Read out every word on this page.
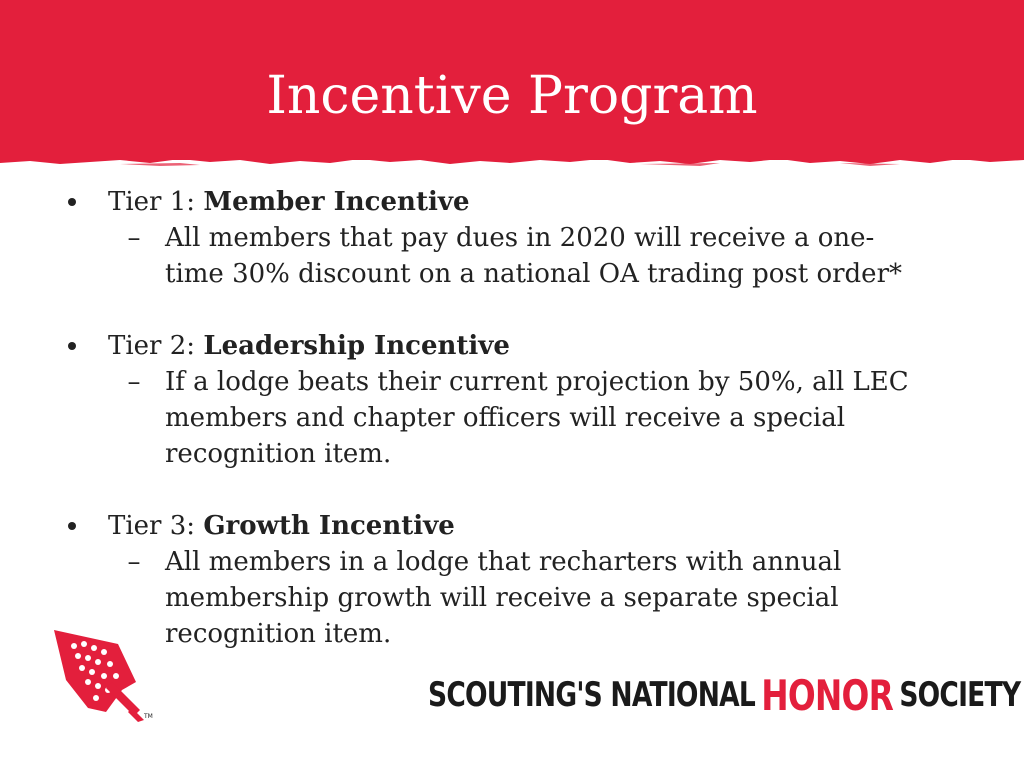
Incentive Program
Tier 1: Member Incentive
– All members that pay dues in 2020 will receive a one-
time 30% discount on a national OA trading post order*
Tier 2: Leadership Incentive
– If a lodge beats their current projection by 50%, all LEC
members and chapter officers will receive a special
recognition item.
Tier 3: Growth Incentive
– All members in a lodge that recharters with annual
membership growth will receive a separate special
recognition item.
TM
SCOUTING'S NATIONAL HONOR SOCIETY
